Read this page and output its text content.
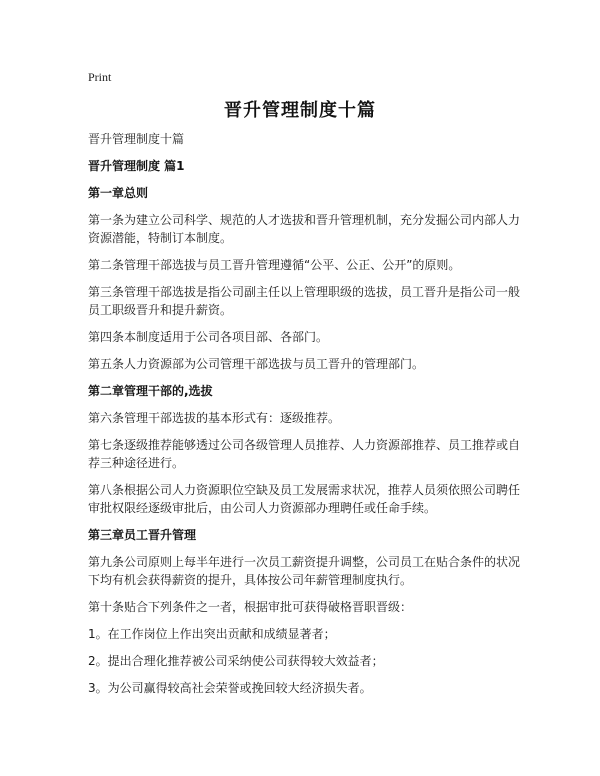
Print
晋升管理制度十篇

晋升管理制度十篇

晋升管理制度 篇1

第一章总则

第一条为建立公司科学、规范的人才选拔和晋升管理机制，充分发掘公司内部人力资源潜能，特制订本制度。

第二条管理干部选拔与员工晋升管理遵循“公平、公正、公开”的原则。

第三条管理干部选拔是指公司副主任以上管理职级的选拔，员工晋升是指公司一般员工职级晋升和提升薪资。

第四条本制度适用于公司各项目部、各部门。

第五条人力资源部为公司管理干部选拔与员工晋升的管理部门。

第二章管理干部的,选拔

第六条管理干部选拔的基本形式有：逐级推荐。

第七条逐级推荐能够透过公司各级管理人员推荐、人力资源部推荐、员工推荐或自荐三种途径进行。

第八条根据公司人力资源职位空缺及员工发展需求状况，推荐人员须依照公司聘任审批权限经逐级审批后，由公司人力资源部办理聘任或任命手续。

第三章员工晋升管理

第九条公司原则上每半年进行一次员工薪资提升调整，公司员工在贴合条件的状况下均有机会获得薪资的提升，具体按公司年薪管理制度执行。

第十条贴合下列条件之一者，根据审批可获得破格晋职晋级：

1。在工作岗位上作出突出贡献和成绩显著者；

2。提出合理化推荐被公司采纳使公司获得较大效益者；

3。为公司赢得较高社会荣誉或挽回较大经济损失者。
